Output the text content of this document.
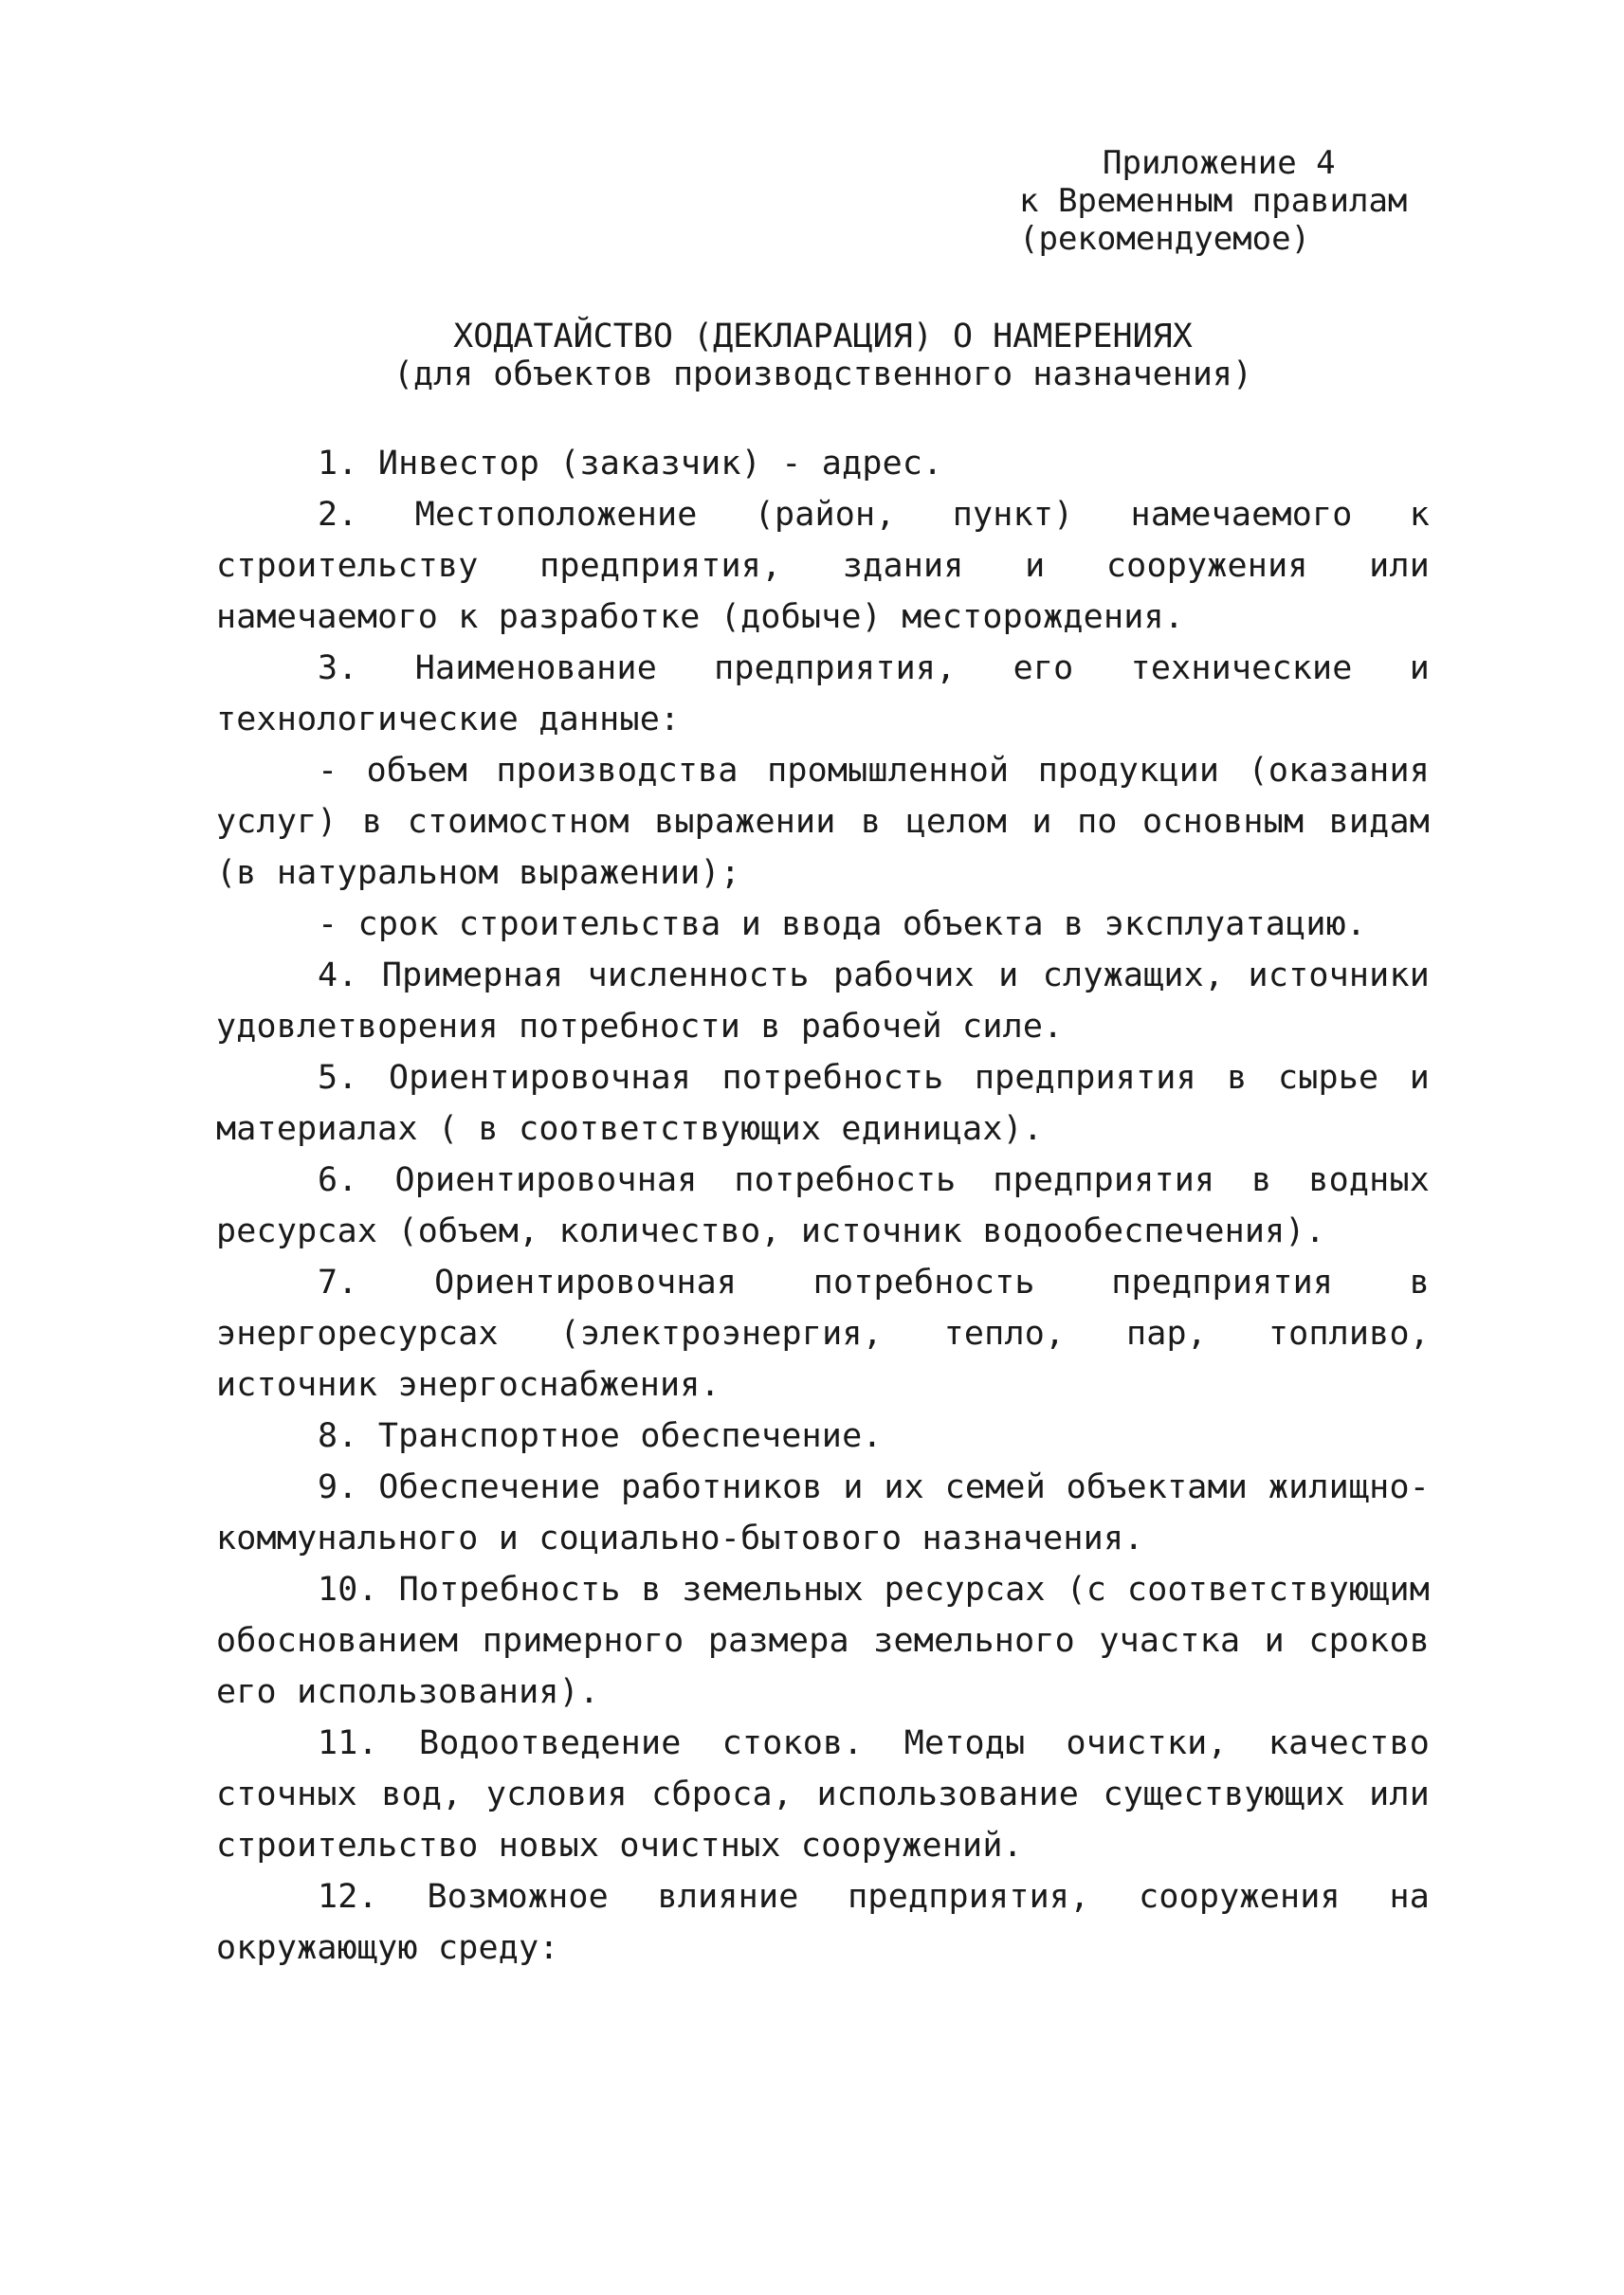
Приложение 4
к Временным правилам
(рекомендуемое)
ХОДАТАЙСТВО (ДЕКЛАРАЦИЯ) О НАМЕРЕНИЯХ
(для объектов производственного назначения)

1. Инвестор (заказчик) - адрес.

2. Местоположение (район, пункт) намечаемого к строительству предприятия, здания и сооружения или намечаемого к разработке (добыче) месторождения.

3. Наименование предприятия, его технические и технологические данные:

- объем производства промышленной продукции (оказания услуг) в стоимостном выражении в целом и по основным видам (в натуральном выражении);

- срок строительства и ввода объекта в эксплуатацию.

4. Примерная численность рабочих и служащих, источники удовлетворения потребности в рабочей силе.

5. Ориентировочная потребность предприятия в сырье и материалах ( в соответствующих единицах).

6. Ориентировочная потребность предприятия в водных ресурсах (объем, количество, источник водообеспечения).

7. Ориентировочная потребность предприятия в энергоресурсах (электроэнергия, тепло, пар, топливо, источник энергоснабжения.

8. Транспортное обеспечение.

9. Обеспечение работников и их семей объектами жилищно-коммунального и социально-бытового назначения.

10. Потребность в земельных ресурсах (с соответствующим обоснованием примерного размера земельного участка и сроков его использования).

11. Водоотведение стоков. Методы очистки, качество сточных вод, условия сброса, использование существующих или строительство новых очистных сооружений.

12. Возможное влияние предприятия, сооружения на окружающую среду:
